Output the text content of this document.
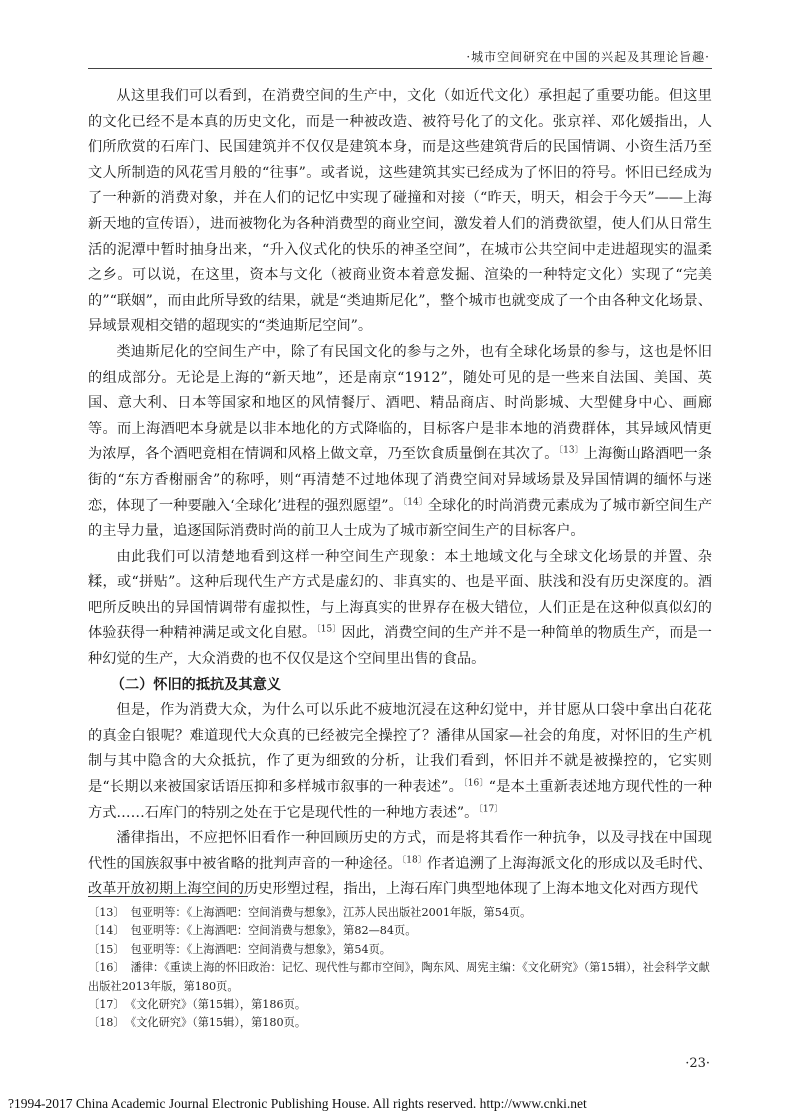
·城市空间研究在中国的兴起及其理论旨趣·

从这里我们可以看到，在消费空间的生产中，文化（如近代文化）承担起了重要功能。但这里的文化已经不是本真的历史文化，而是一种被改造、被符号化了的文化。张京祥、邓化媛指出，人们所欣赏的石库门、民国建筑并不仅仅是建筑本身，而是这些建筑背后的民国情调、小资生活乃至文人所制造的风花雪月般的“往事”。或者说，这些建筑其实已经成为了怀旧的符号。怀旧已经成为了一种新的消费对象，并在人们的记忆中实现了碰撞和对接（“昨天，明天，相会于今天”——上海新天地的宣传语），进而被物化为各种消费型的商业空间，激发着人们的消费欲望，使人们从日常生活的泥潭中暂时抽身出来，“升入仪式化的快乐的神圣空间”，在城市公共空间中走进超现实的温柔之乡。可以说，在这里，资本与文化（被商业资本着意发掘、渲染的一种特定文化）实现了“完美的”“联姻”，而由此所导致的结果，就是“类迪斯尼化”，整个城市也就变成了一个由各种文化场景、异域景观相交错的超现实的“类迪斯尼空间”。

类迪斯尼化的空间生产中，除了有民国文化的参与之外，也有全球化场景的参与，这也是怀旧的组成部分。无论是上海的“新天地”，还是南京“1912”，随处可见的是一些来自法国、美国、英国、意大利、日本等国家和地区的风情餐厅、酒吧、精品商店、时尚影城、大型健身中心、画廊等。而上海酒吧本身就是以非本地化的方式降临的，目标客户是非本地的消费群体，其异域风情更为浓厚，各个酒吧竟相在情调和风格上做文章，乃至饮食质量倒在其次了。$^{〔13〕}$上海衡山路酒吧一条街的“东方香榭丽舍”的称呼，则“再清楚不过地体现了消费空间对异域场景及异国情调的缅怀与迷恋，体现了一种要融入‘全球化’进程的强烈愿望”。$^{〔14〕}$全球化的时尚消费元素成为了城市新空间生产的主导力量，追逐国际消费时尚的前卫人士成为了城市新空间生产的目标客户。

由此我们可以清楚地看到这样一种空间生产现象：本土地域文化与全球文化场景的并置、杂糅，或“拼贴”。这种后现代生产方式是虚幻的、非真实的、也是平面、肤浅和没有历史深度的。酒吧所反映出的异国情调带有虚拟性，与上海真实的世界存在极大错位，人们正是在这种似真似幻的体验获得一种精神满足或文化自慰。$^{〔15〕}$因此，消费空间的生产并不是一种简单的物质生产，而是一种幻觉的生产，大众消费的也不仅仅是这个空间里出售的食品。

（二）怀旧的抵抗及其意义

但是，作为消费大众，为什么可以乐此不疲地沉浸在这种幻觉中，并甘愿从口袋中拿出白花花的真金白银呢？难道现代大众真的已经被完全操控了？潘律从国家—社会的角度，对怀旧的生产机制与其中隐含的大众抵抗，作了更为细致的分析，让我们看到，怀旧并不就是被操控的，它实则是“长期以来被国家话语压抑和多样城市叙事的一种表述”。$^{〔16〕}$“是本土重新表述地方现代性的一种方式……石库门的特别之处在于它是现代性的一种地方表述”。$^{〔17〕}$

潘律指出，不应把怀旧看作一种回顾历史的方式，而是将其看作一种抗争，以及寻找在中国现代性的国族叙事中被省略的批判声音的一种途径。$^{〔18〕}$作者追溯了上海海派文化的形成以及毛时代、改革开放初期上海空间的历史形塑过程，指出，上海石库门典型地体现了上海本地文化对西方现代

〔13〕 包亚明等：《上海酒吧：空间消费与想象》，江苏人民出版社2001年版，第54页。

〔14〕 包亚明等：《上海酒吧：空间消费与想象》，第82—84页。

〔15〕 包亚明等：《上海酒吧：空间消费与想象》，第54页。

〔16〕 潘律：《重读上海的怀旧政治：记忆、现代性与都市空间》，陶东风、周宪主编：《文化研究》（第15辑），社会科学文献出版社2013年版，第180页。

〔17〕 《文化研究》（第15辑），第186页。

〔18〕 《文化研究》（第15辑），第180页。

·23·
?1994-2017 China Academic Journal Electronic Publishing House. All rights reserved. http://www.cnki.net
